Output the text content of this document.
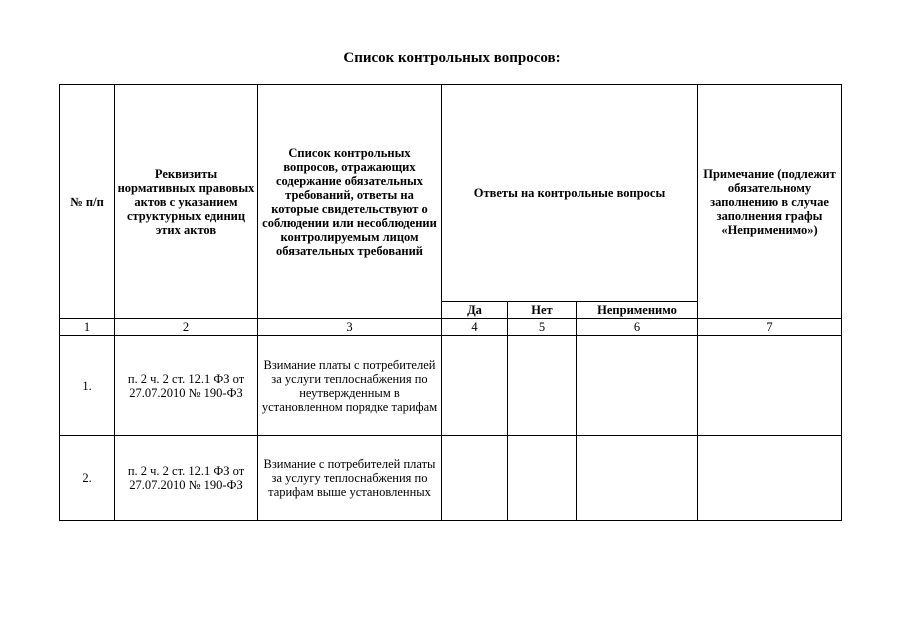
Список контрольных вопросов:
№ п/п	Реквизиты нормативных правовых актов с указанием структурных единиц этих актов	Список контрольных вопросов, отражающих содержание обязательных требований, ответы на которые свидетельствуют о соблюдении или несоблюдении контролируемым лицом обязательных требований	Ответы на контрольные вопросы			Примечание (подлежит обязательному заполнению в случае заполнения графы «Неприменимо»)
			Да	Нет	Неприменимо	
1	2	3	4	5	6	7
1.	п. 2 ч. 2 ст. 12.1 ФЗ от 27.07.2010 № 190-ФЗ	Взимание платы с потребителей за услуги теплоснабжения по неутвержденным в установленном порядке тарифам				
2.	п. 2 ч. 2 ст. 12.1 ФЗ от 27.07.2010 № 190-ФЗ	Взимание с потребителей платы за услугу теплоснабжения по тарифам выше установленных				
